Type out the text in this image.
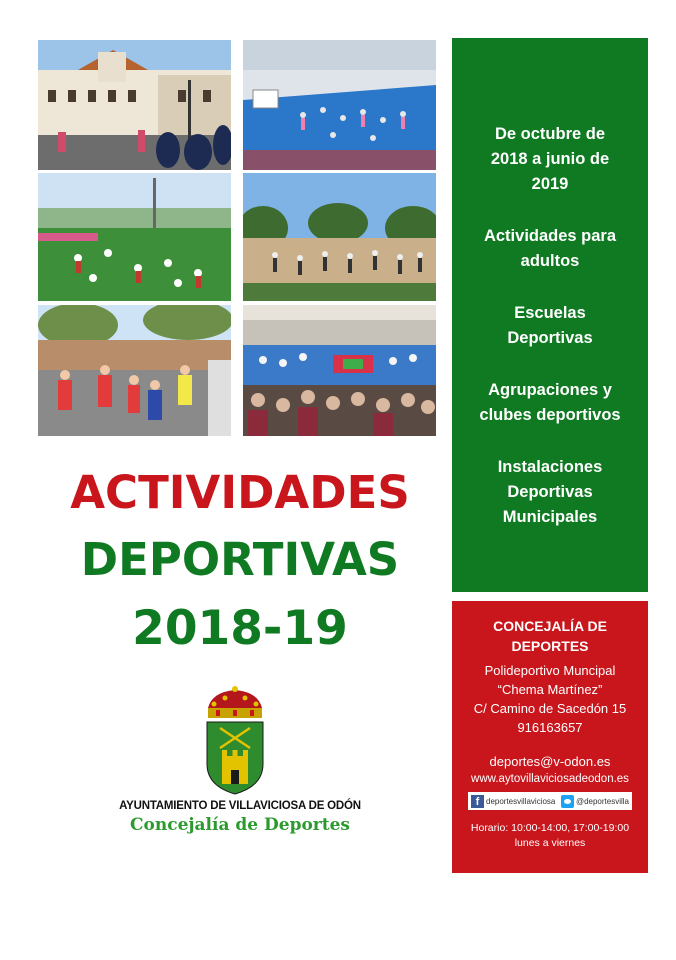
De octubre de
2018 a junio de
2019
Actividades para
adultos
Escuelas
Deportivas
Agrupaciones y
clubes deportivos
Instalaciones
Deportivas
Municipales
ACTIVIDADES
DEPORTIVAS
2018-19
AYUNTAMIENTO DE VILLAVICIOSA DE ODÓN
Concejalía de Deportes
CONCEJALÍA DE
DEPORTES
Polideportivo Muncipal
“Chema Martínez”
C/ Camino de Sacedón 15
916163657
deportes@v-odon.es
www.aytovillaviciosadeodon.es
f deportesvillaviciosa	@deportesvilla
Horario: 10:00-14:00, 17:00-19:00
lunes a viernes
